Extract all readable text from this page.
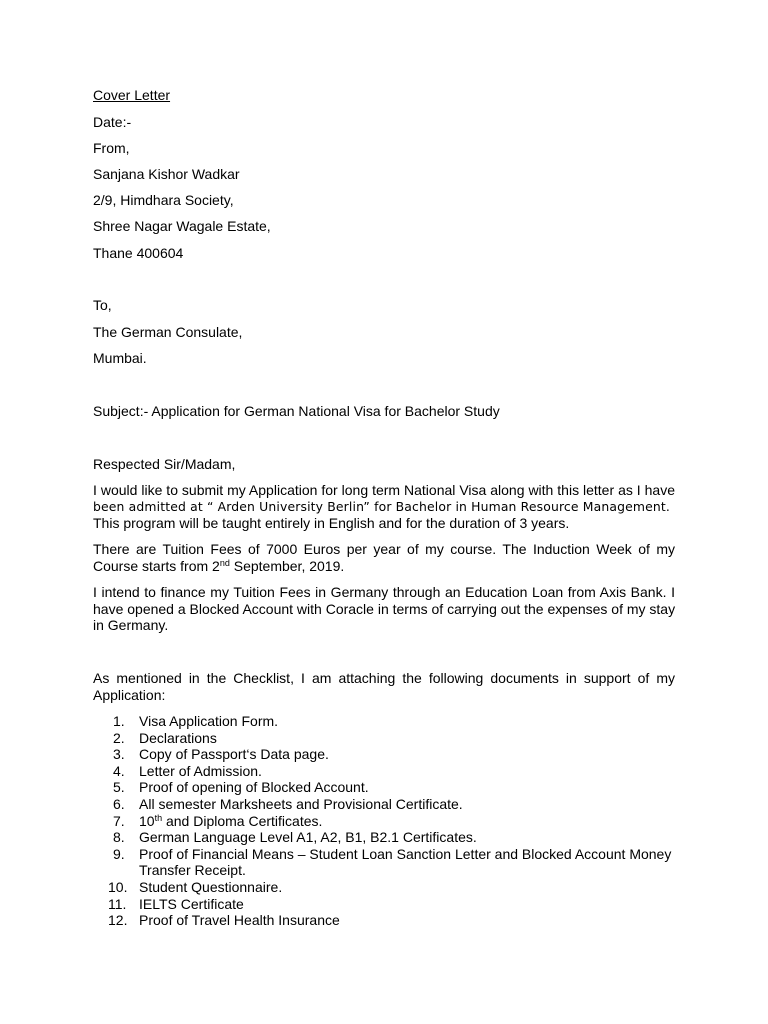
Cover Letter
Date:-
From,
Sanjana Kishor Wadkar
2/9, Himdhara Society,
Shree Nagar Wagale Estate,
Thane 400604
To,
The German Consulate,
Mumbai.
Subject:- Application for German National Visa for Bachelor Study
Respected Sir/Madam,
I would like to submit my Application for long term National Visa along with this letter as I have
been admitted at “ Arden University Berlin” for Bachelor in Human Resource Management.
This program will be taught entirely in English and for the duration of 3 years.
There are Tuition Fees of 7000 Euros per year of my course. The Induction Week of my
Course starts from 2nd September, 2019.
I intend to finance my Tuition Fees in Germany through an Education Loan from Axis Bank. I
have opened a Blocked Account with Coracle in terms of carrying out the expenses of my stay
in Germany.
As mentioned in the Checklist, I am attaching the following documents in support of my
Application:
1. Visa Application Form.
2. Declarations
3. Copy of Passport‘s Data page.
4. Letter of Admission.
5. Proof of opening of Blocked Account.
6. All semester Marksheets and Provisional Certificate.
7. 10th and Diploma Certificates.
8. German Language Level A1, A2, B1, B2.1 Certificates.
9. Proof of Financial Means – Student Loan Sanction Letter and Blocked Account Money
Transfer Receipt.
10. Student Questionnaire.
11. IELTS Certificate
12. Proof of Travel Health Insurance
